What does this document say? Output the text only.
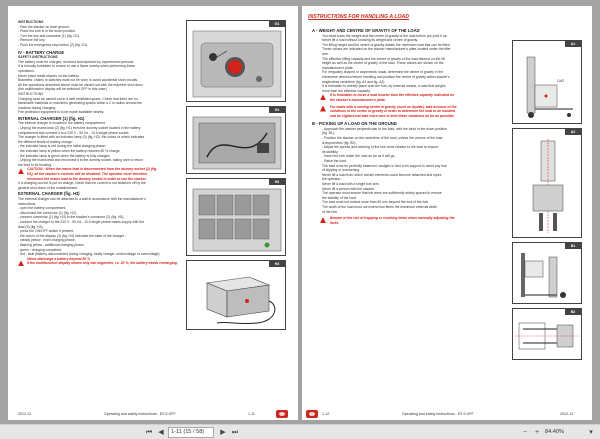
INSTRUCTIONS
- Park the stacker on level ground.
- Place the fork is in the down position.
- Turn the key anti-clockwise (1) (fig. G1).
- Remove the key.
- Push the emergency stop button (2) (fig. G1).
IV - BATTERY CHARGE
SAFETY INSTRUCTIONS
The battery must be charged, serviced and replaced by experienced persons.
It is formally forbidden to smoke or use a flame nearby when performing these
operations.
Never place metal objects on the battery.
Bracelets, chains or watches must not be worn to avoid accidental short circuits.
All the operations described above must be carried out with the machine shut down
(the multifunction display will be switched OFF in this case).
INSTRUCTIONS
Charging must be carried out in a well-ventilated space. Check that there are no
flammable materials or machines generating sparks within a 2 m radius around the
machine during charging.
Fire protection equipment is to be made available nearby.
INTERNAL CHARGER (1) (fig. H1)
The internal charger is located in the battery compartment.
- Unplug the mains lead (2) (fig. H1) from the dummy socket located in the battery
compartment and connect it to a 230 V - 50 Hz - 10 A single phase socket.
The charger is fitted with an indicator lamp (3) (fig. H2), the colour of which indicates
the different levels of battery charge:
- the indicator lamp is red during the initial charging phase;
- the indicator lamp is yellow when the battery reaches 80 % charge,
- the indicator lamp is green when the battery is fully charged.
- Unplug the mains lead and reconnect it to the dummy socket, taking care to return
the lead to its housing.
CAUTION : When the mains lead is disconnected from the dummy socket (2) (fig.
H1), all the stacker's controls will be disabled. The operator must therefore
reconnect the mains lead to the dummy socket in order to use the stacker.
If a charging current is put on charge, check that the current is not switched off by the
general shut-down of the establishment.
EXTERNAL CHARGER (fig. H3)
The external charger can be attached to a wall in accordance with the manufacturer's
instructions.
- open the battery compartment,
- disconnect the connector (1) (fig. H2),
- connect connector (1) (fig. H3) to the stacker's connector (2) (fig. H2),
- connect the charger to the 220 V - 50 Hz - 10 A single phase mains supply with the
lead (3) (fig. H3),
- press the ON/OFF switch if present,
- the colour of the display (3) (fig. H3) indicates the state of the charger :
- steady yellow : main charging phase,
- flashing yellow : additional charging phase,
- green : charging completed,
- red : fault (Battery disconnected during charging, faulty charger, undervoltage or overvoltage).
Never discharge a battery beyond 80 %
If the multifunction display shows only two segments, i.e. 20 %, the battery needs recharging.
G1
H1
H2
H3
2012-12	Operating and safety instructions - ES 5 GFF	1-11
INSTRUCTIONS FOR HANDLING A LOAD
A - WEIGHT AND CENTRE OF GRAVITY OF THE LOAD
You must know the weight and the centre of gravity of the load before you pick it up.
Never lift a load without knowing its weight and centre of gravity.
The lifting height and the centre of gravity dictate the maximum load that can be lifted.
These values are indicated on the stacker manufacturer's plate located under the tiller
arm.
The effective lifting capacity and the centre of gravity of the load depend on the lift
height as well as the centre of gravity of the load. These values are shown on the
manufacturer's plate.
For irregularly shaped or asymmetric loads, determine the centre of gravity in the
transverse direction before handling and position the centre of gravity within stacker's
longitudinal centreline (fig. A1 and fig. A2).
It is forbidden to directly place onto the fork, by external means, a load that weighs
more than the effective capacity.
It is forbidden to move a load heavier than the effective capacity indicated on
the stacker's manufacturer's plate.
For loads with a moving centre of gravity (such as liquids), take account of the
variations in the centre of gravity in order to determine the load to be handled
and be vigilant and take extra care to limit these variations as far as possible.
B - PICKING UP A LOAD ON THE GROUND
- Approach the stacker perpendicular to the load, with the forks in the down position
(fig. B1),
- Position the stacker on the centreline of the load, unless the volume of the load
is asymmetric (fig. B2),
- Adjust the spread and centring of the fork arms relative to the load to ensure
its stability,
- Insert the fork under the load as far as it will go,
- Raise the load.
The load must be perfectly balanced, wedged or tied to its support to avoid any risk
of slipping or overturning.
Never lift a load from which certain elements could become detached and injure
the operator.
Never lift a load with a single fork arm.
Never lift a person with the stacker.
The operator must ensure that the arms are sufficiently widely spaced to ensure
the stability of the load.
The load must not extend more than 50 mm beyond the end of the fork.
The width of the load must not extend two times the maximum external width
of the fork.
Beware of the risk of trapping or crushing limbs when manually adjusting the
forks.
A1
CdG
A2
B1
B2
1-12	Operating and safety instructions - ES 5 GFF	2012-12
⏮ ◀	1-11 (15 / 58)	▶ ⏭	−	+	84.40%	▾
